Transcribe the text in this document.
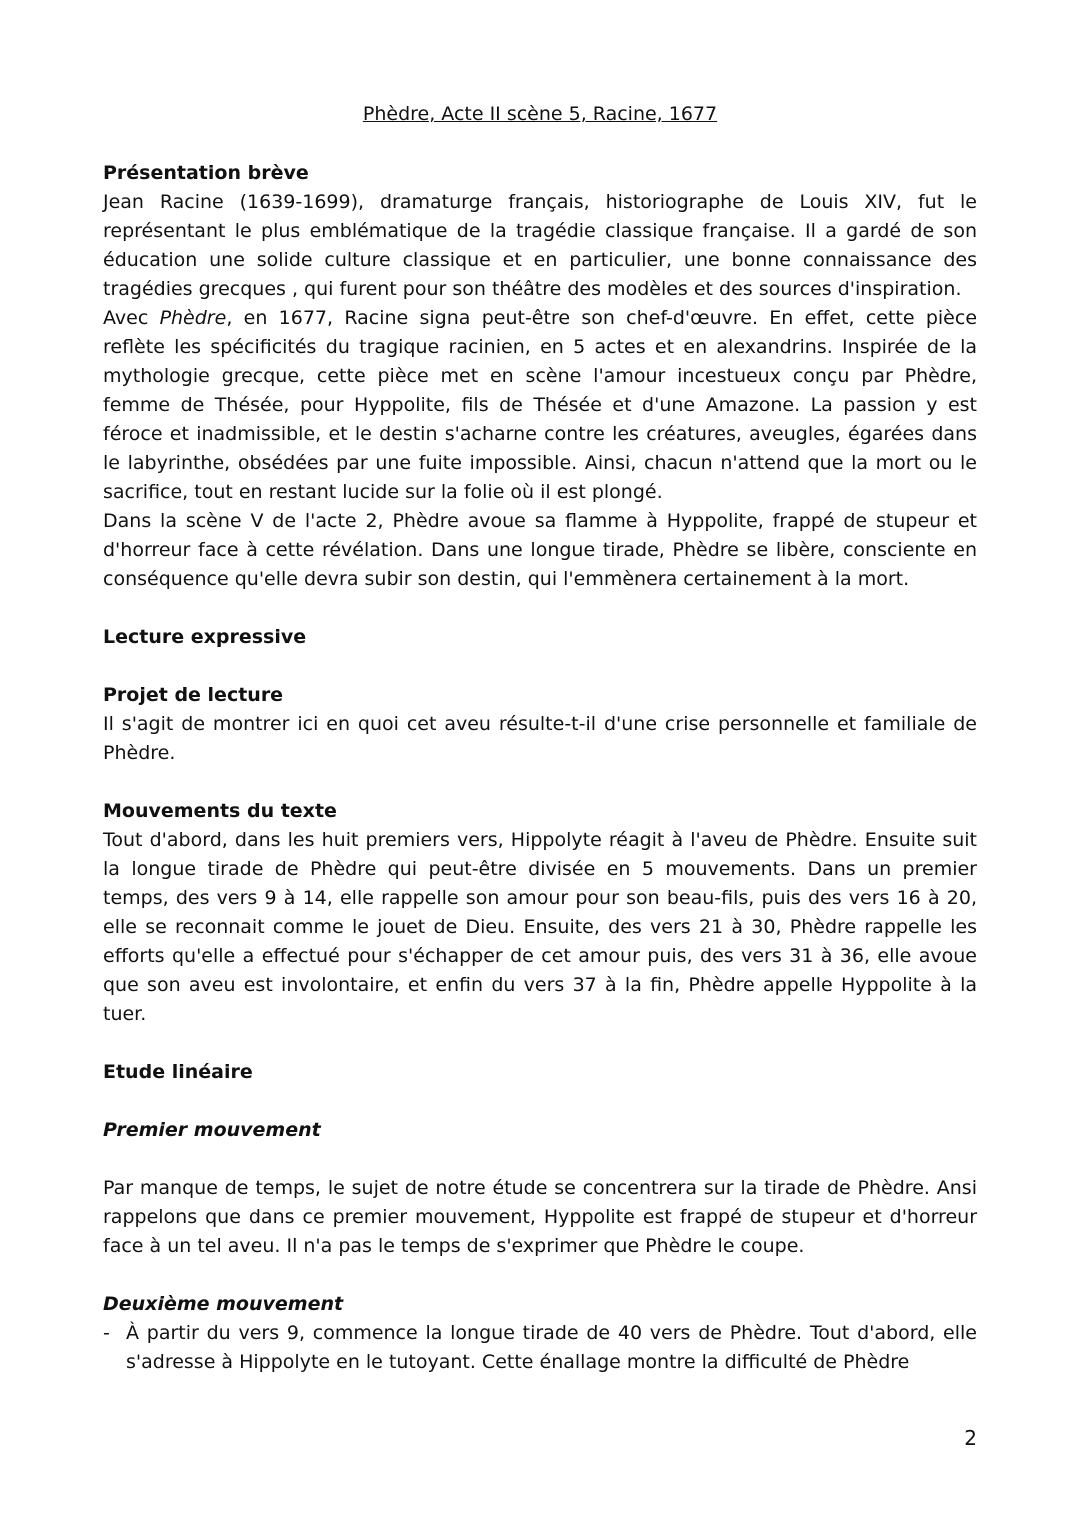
Phèdre, Acte II scène 5, Racine, 1677
Présentation brève

Jean Racine (1639-1699), dramaturge français, historiographe de Louis XIV, fut le représentant le plus emblématique de la tragédie classique française. Il a gardé de son éducation une solide culture classique et en particulier, une bonne connaissance des tragédies grecques , qui furent pour son théâtre des modèles et des sources d'inspiration.

Avec Phèdre, en 1677, Racine signa peut-être son chef-d'œuvre. En effet, cette pièce reflète les spécificités du tragique racinien, en 5 actes et en alexandrins. Inspirée de la mythologie grecque, cette pièce met en scène l'amour incestueux conçu par Phèdre, femme de Thésée, pour Hyppolite, fils de Thésée et d'une Amazone. La passion y est féroce et inadmissible, et le destin s'acharne contre les créatures, aveugles, égarées dans le labyrinthe, obsédées par une fuite impossible. Ainsi, chacun n'attend que la mort ou le sacrifice, tout en restant lucide sur la folie où il est plongé.

Dans la scène V de l'acte 2, Phèdre avoue sa flamme à Hyppolite, frappé de stupeur et d'horreur face à cette révélation. Dans une longue tirade, Phèdre se libère, consciente en conséquence qu'elle devra subir son destin, qui l'emmènera certainement à la mort.

Lecture expressive
Projet de lecture

Il s'agit de montrer ici en quoi cet aveu résulte-t-il d'une crise personnelle et familiale de Phèdre.

Mouvements du texte

Tout d'abord, dans les huit premiers vers, Hippolyte réagit à l'aveu de Phèdre. Ensuite suit la longue tirade de Phèdre qui peut-être divisée en 5 mouvements. Dans un premier temps, des vers 9 à 14, elle rappelle son amour pour son beau-fils, puis des vers 16 à 20, elle se reconnait comme le jouet de Dieu. Ensuite, des vers 21 à 30, Phèdre rappelle les efforts qu'elle a effectué pour s'échapper de cet amour puis, des vers 31 à 36, elle avoue que son aveu est involontaire, et enfin du vers 37 à la fin, Phèdre appelle Hyppolite à la tuer.

Etude linéaire
Premier mouvement

Par manque de temps, le sujet de notre étude se concentrera sur la tirade de Phèdre. Ansi rappelons que dans ce premier mouvement, Hyppolite est frappé de stupeur et d'horreur face à un tel aveu. Il n'a pas le temps de s'exprimer que Phèdre le coupe.

Deuxième mouvement

- À partir du vers 9, commence la longue tirade de 40 vers de Phèdre. Tout d'abord, elle s'adresse à Hippolyte en le tutoyant. Cette énallage montre la difficulté de Phèdre

2
